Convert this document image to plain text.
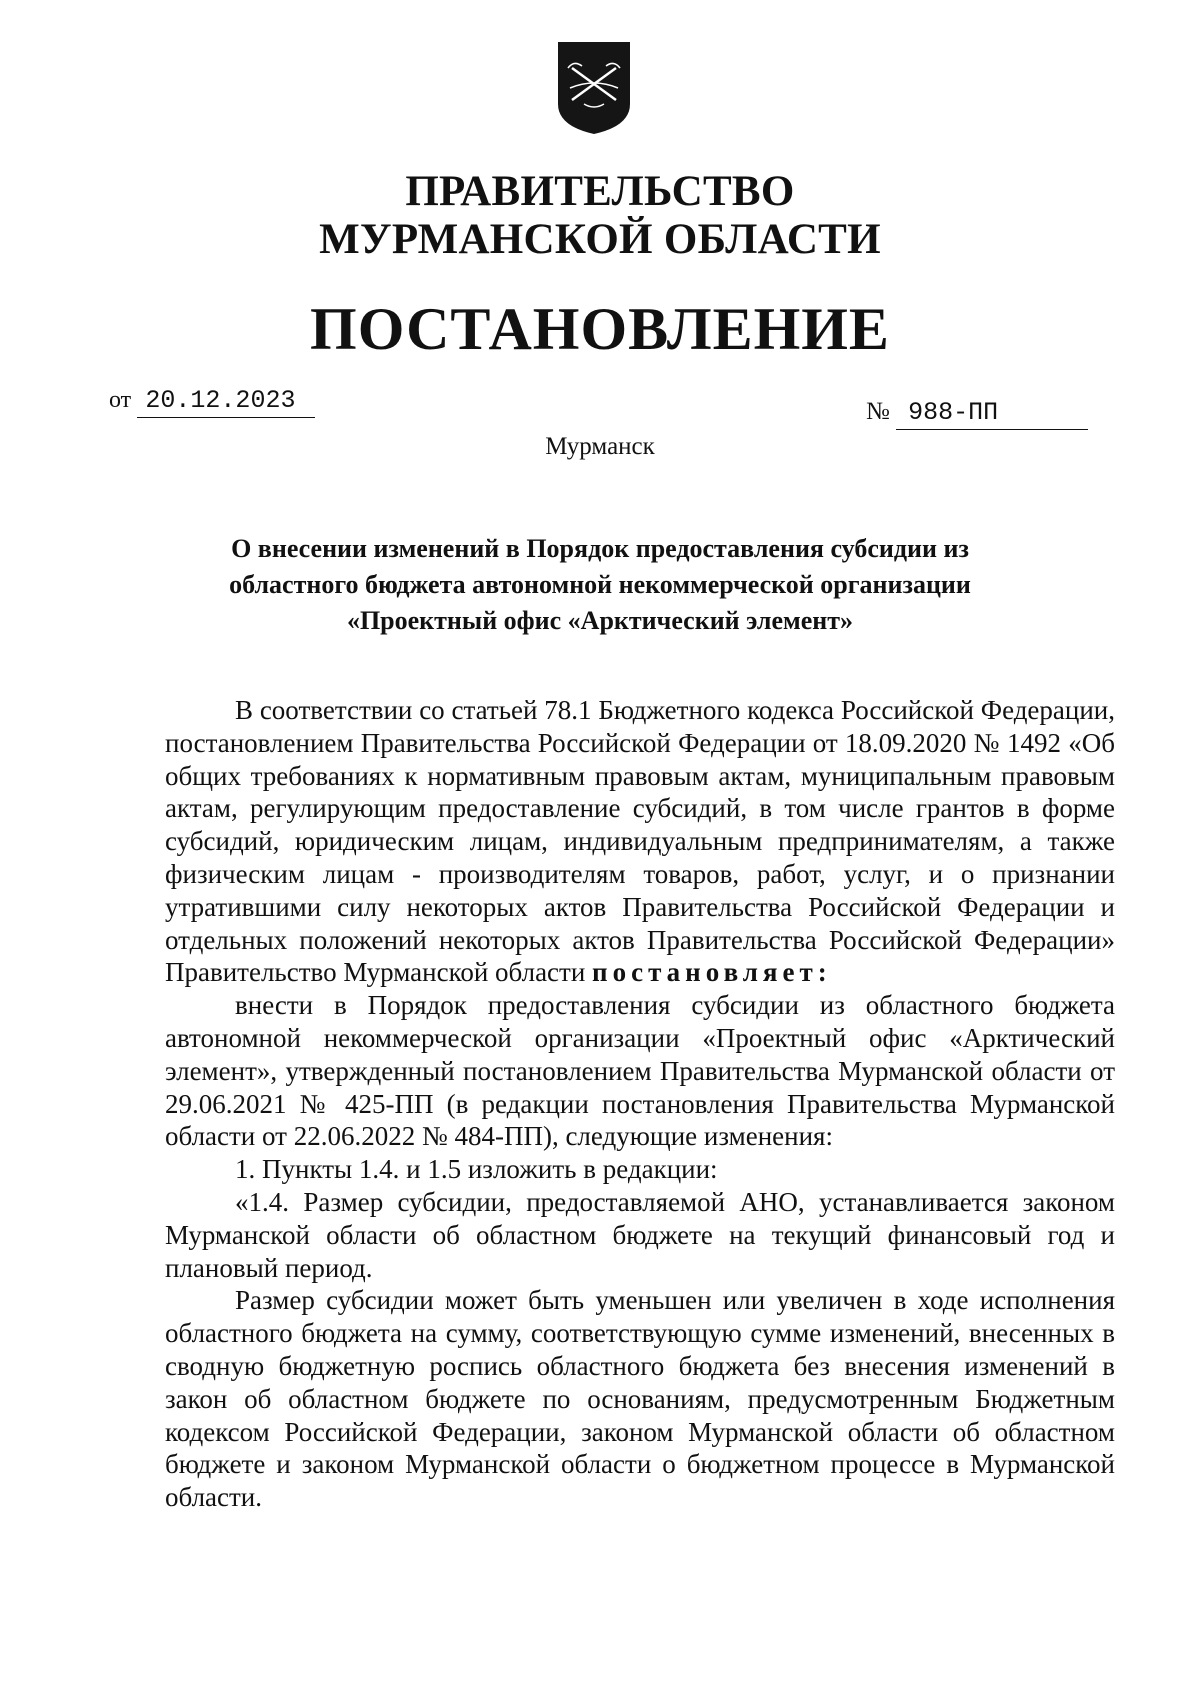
ПРАВИТЕЛЬСТВО
МУРМАНСКОЙ ОБЛАСТИ
ПОСТАНОВЛЕНИЕ
от 20.12.2023	№ 988-ПП
Мурманск
О внесении изменений в Порядок предоставления субсидии из
областного бюджета автономной некоммерческой организации
«Проектный офис «Арктический элемент»

В соответствии со статьей 78.1 Бюджетного кодекса Российской Федерации, постановлением Правительства Российской Федерации от 18.09.2020 № 1492 «Об общих требованиях к нормативным правовым актам, муниципальным правовым актам, регулирующим предоставление субсидий, в том числе грантов в форме субсидий, юридическим лицам, индивидуальным предпринимателям, а также физическим лицам - производителям товаров, работ, услуг, и о признании утратившими силу некоторых актов Правительства Российской Федерации и отдельных положений некоторых актов Правительства Российской Федерации» Правительство Мурманской области постановляет:

внести в Порядок предоставления субсидии из областного бюджета автономной некоммерческой организации «Проектный офис «Арктический элемент», утвержденный постановлением Правительства Мурманской области от 29.06.2021 № 425-ПП (в редакции постановления Правительства Мурманской области от 22.06.2022 № 484-ПП), следующие изменения:

1. Пункты 1.4. и 1.5 изложить в редакции:

«1.4. Размер субсидии, предоставляемой АНО, устанавливается законом Мурманской области об областном бюджете на текущий финансовый год и плановый период.

Размер субсидии может быть уменьшен или увеличен в ходе исполнения областного бюджета на сумму, соответствующую сумме изменений, внесенных в сводную бюджетную роспись областного бюджета без внесения изменений в закон об областном бюджете по основаниям, предусмотренным Бюджетным кодексом Российской Федерации, законом Мурманской области об областном бюджете и законом Мурманской области о бюджетном процессе в Мурманской области.
